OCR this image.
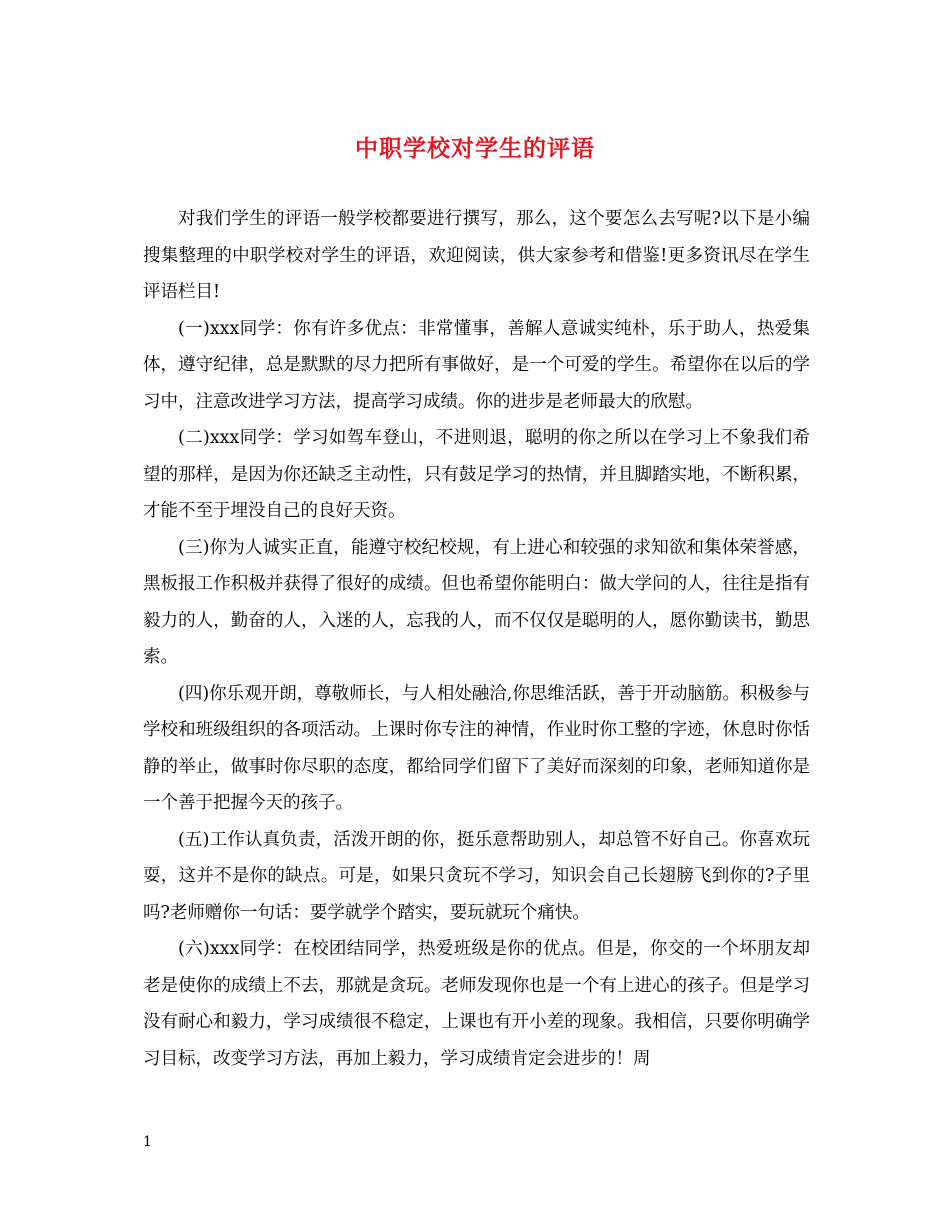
中职学校对学生的评语

对我们学生的评语一般学校都要进行撰写，那么，这个要怎么去写呢?以下是小编搜集整理的中职学校对学生的评语，欢迎阅读，供大家参考和借鉴!更多资讯尽在学生评语栏目!

(一)xxx同学：你有许多优点：非常懂事，善解人意诚实纯朴，乐于助人，热爱集体，遵守纪律，总是默默的尽力把所有事做好，是一个可爱的学生。希望你在以后的学习中，注意改进学习方法，提高学习成绩。你的进步是老师最大的欣慰。

(二)xxx同学：学习如驾车登山，不进则退，聪明的你之所以在学习上不象我们希望的那样，是因为你还缺乏主动性，只有鼓足学习的热情，并且脚踏实地，不断积累，才能不至于埋没自己的良好天资。

(三)你为人诚实正直，能遵守校纪校规，有上进心和较强的求知欲和集体荣誉感，黑板报工作积极并获得了很好的成绩。但也希望你能明白：做大学问的人，往往是指有毅力的人，勤奋的人，入迷的人，忘我的人，而不仅仅是聪明的人，愿你勤读书，勤思索。

(四)你乐观开朗，尊敬师长，与人相处融洽,你思维活跃，善于开动脑筋。积极参与学校和班级组织的各项活动。上课时你专注的神情，作业时你工整的字迹，休息时你恬静的举止，做事时你尽职的态度，都给同学们留下了美好而深刻的印象，老师知道你是一个善于把握今天的孩子。

(五)工作认真负责，活泼开朗的你，挺乐意帮助别人，却总管不好自己。你喜欢玩耍，这并不是你的缺点。可是，如果只贪玩不学习，知识会自己长翅膀飞到你的?子里吗?老师赠你一句话：要学就学个踏实，要玩就玩个痛快。

(六)xxx同学：在校团结同学，热爱班级是你的优点。但是，你交的一个坏朋友却老是使你的成绩上不去，那就是贪玩。老师发现你也是一个有上进心的孩子。但是学习没有耐心和毅力，学习成绩很不稳定，上课也有开小差的现象。我相信，只要你明确学习目标，改变学习方法，再加上毅力，学习成绩肯定会进步的！周

1
